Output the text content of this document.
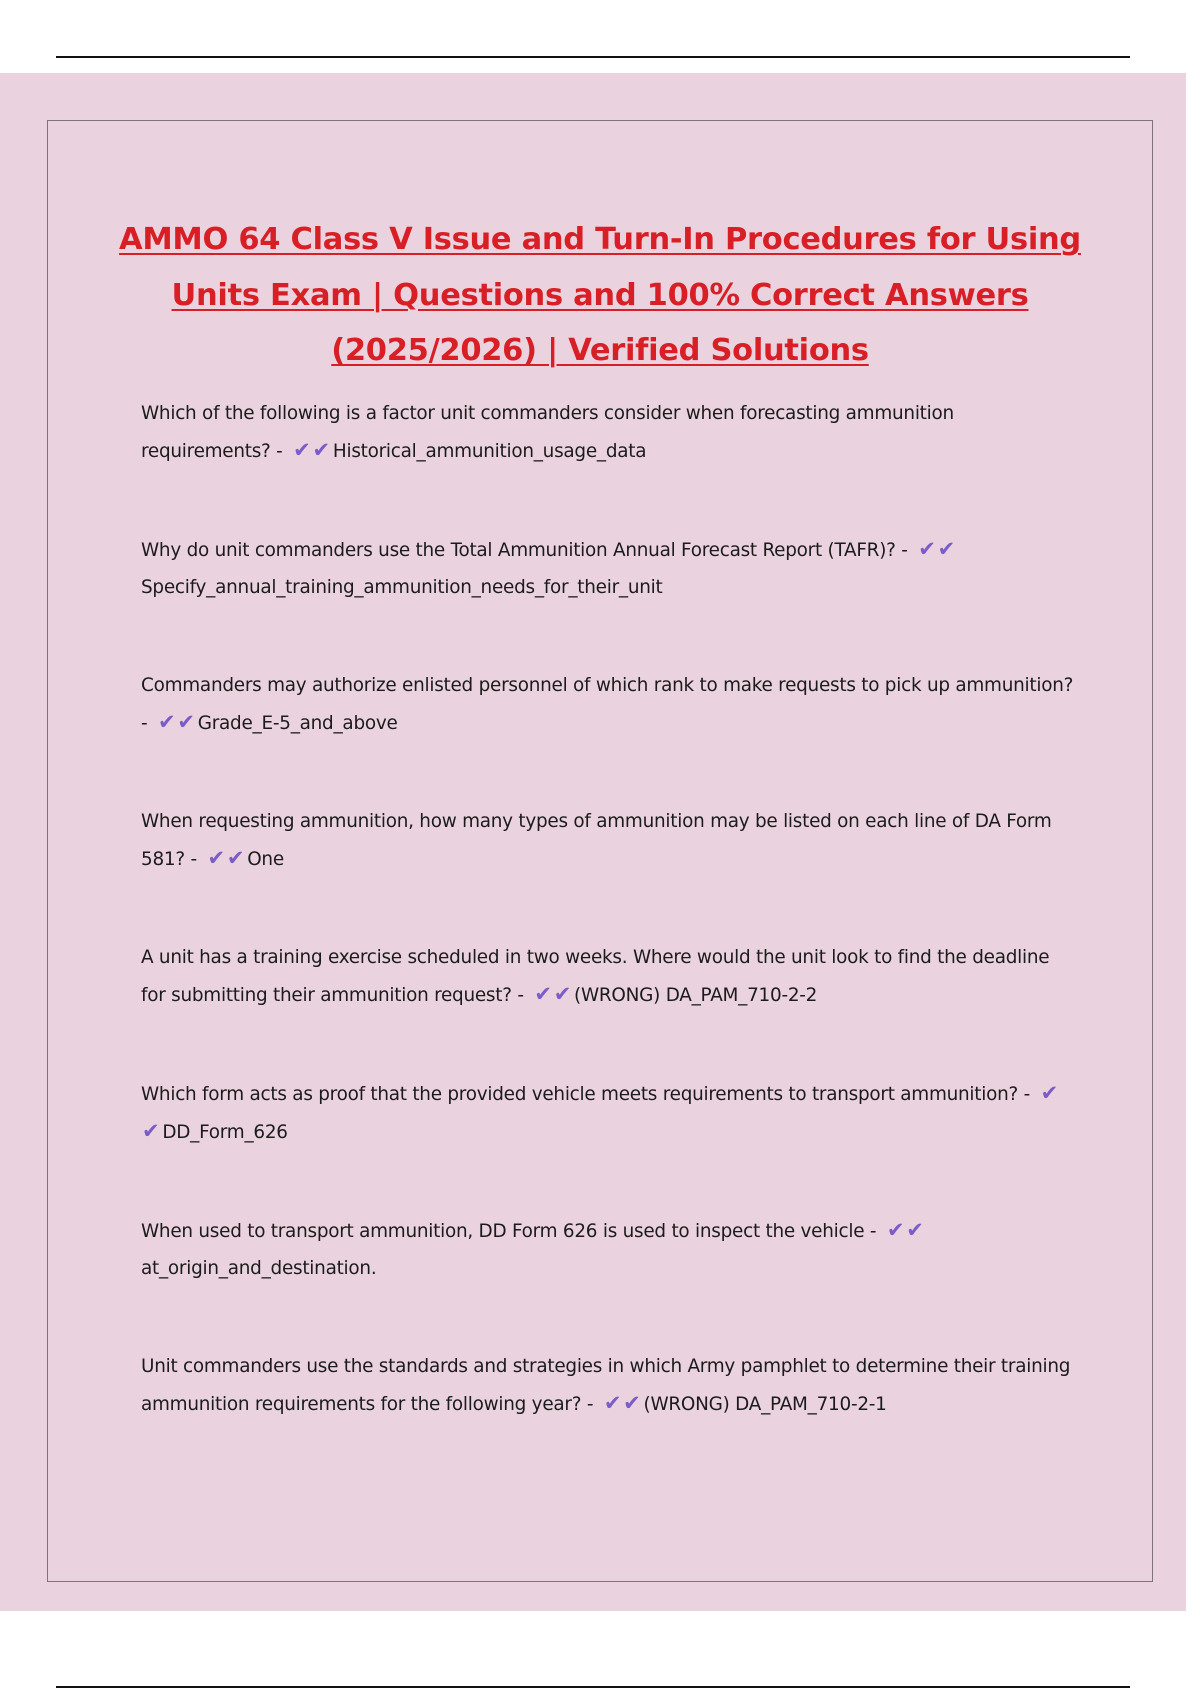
AMMO 64 Class V Issue and Turn-In Procedures for Using Units Exam | Questions and 100% Correct Answers (2025/2026) | Verified Solutions
Which of the following is a factor unit commanders consider when forecasting ammunition requirements? - ✔✔ Historical_ammunition_usage_data
Why do unit commanders use the Total Ammunition Annual Forecast Report (TAFR)? - ✔✔Specify_annual_training_ammunition_needs_for_their_unit
Commanders may authorize enlisted personnel of which rank to make requests to pick up ammunition? - ✔✔ Grade_E-5_and_above
When requesting ammunition, how many types of ammunition may be listed on each line of DA Form 581? - ✔✔ One
A unit has a training exercise scheduled in two weeks. Where would the unit look to find the deadline for submitting their ammunition request? - ✔✔ (WRONG) DA_PAM_710-2-2
Which form acts as proof that the provided vehicle meets requirements to transport ammunition? - ✔✔ DD_Form_626
When used to transport ammunition, DD Form 626 is used to inspect the vehicle - ✔✔at_origin_and_destination.
Unit commanders use the standards and strategies in which Army pamphlet to determine their training ammunition requirements for the following year? - ✔✔ (WRONG) DA_PAM_710-2-1
